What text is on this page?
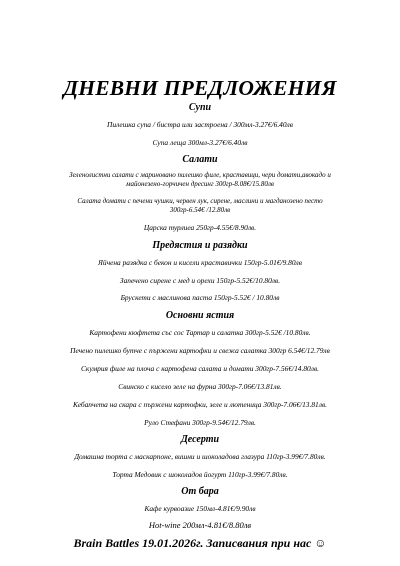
ДНЕВНИ ПРЕДЛОЖЕНИЯ
Супи
Пилешка супа / бистра или застроена / 300мл-3.27€/6.40лв
Супа леща 300мл-3.27€/6.40лв
Салати
Зеленолистни салати с мариновано пилешко филе, краставици, чери домати,авокадо и
майонезено-горчичен дресинг 300гр-8.08€/15.80лв
Салата домати с печени чушки, червен лук, сирене, маслини и магданозено песто
300гр-6.54€ /12.80лв
Царска турлиеа 250гр-4.55€/8.90лв.
Предястия и разядки
Яйчена разядка с бекон и кисели краставички 150гр-5.01€/9.80лв
Запечено сирене с мед и орехи 150гр-5.52€/10.80лв.
Брускети с маслинова паста 150гр-5.52€ / 10.80лв
Основни ястия
Картофени кюфтета със сос Тартар и салатка 300гр-5.52€ /10.80лв.
Печено пилешко бутче с пържени картофки и свежа салатка 300гр 6.54€/12.79лв
Скумрия филе на плоча с картофена салата и домати 300гр-7.56€/14.80лв.
Свинско с кисело зеле на фурна 300гр-7.06€/13.81лв.
Кебапчета на скара с пържени картофки, зеле и лютеница 300гр-7.06€/13.81лв.
Руло Стефани 300гр-9.54€/12.79лв.
Десерти
Домашна торта с маскарпоне, вишни и шоколадова глазура 110гр-3.99€/7.80лв.
Торта Медовик с шоколадов йогурт 110гр-3.99€/7.80лв.
От бара
Кафе курвоазие 150мл-4.81€/9.90лв
Hot-wine 200мл-4.81€/8.80лв
Brain Battles 19.01.2026г. Записвания при нас ☺
